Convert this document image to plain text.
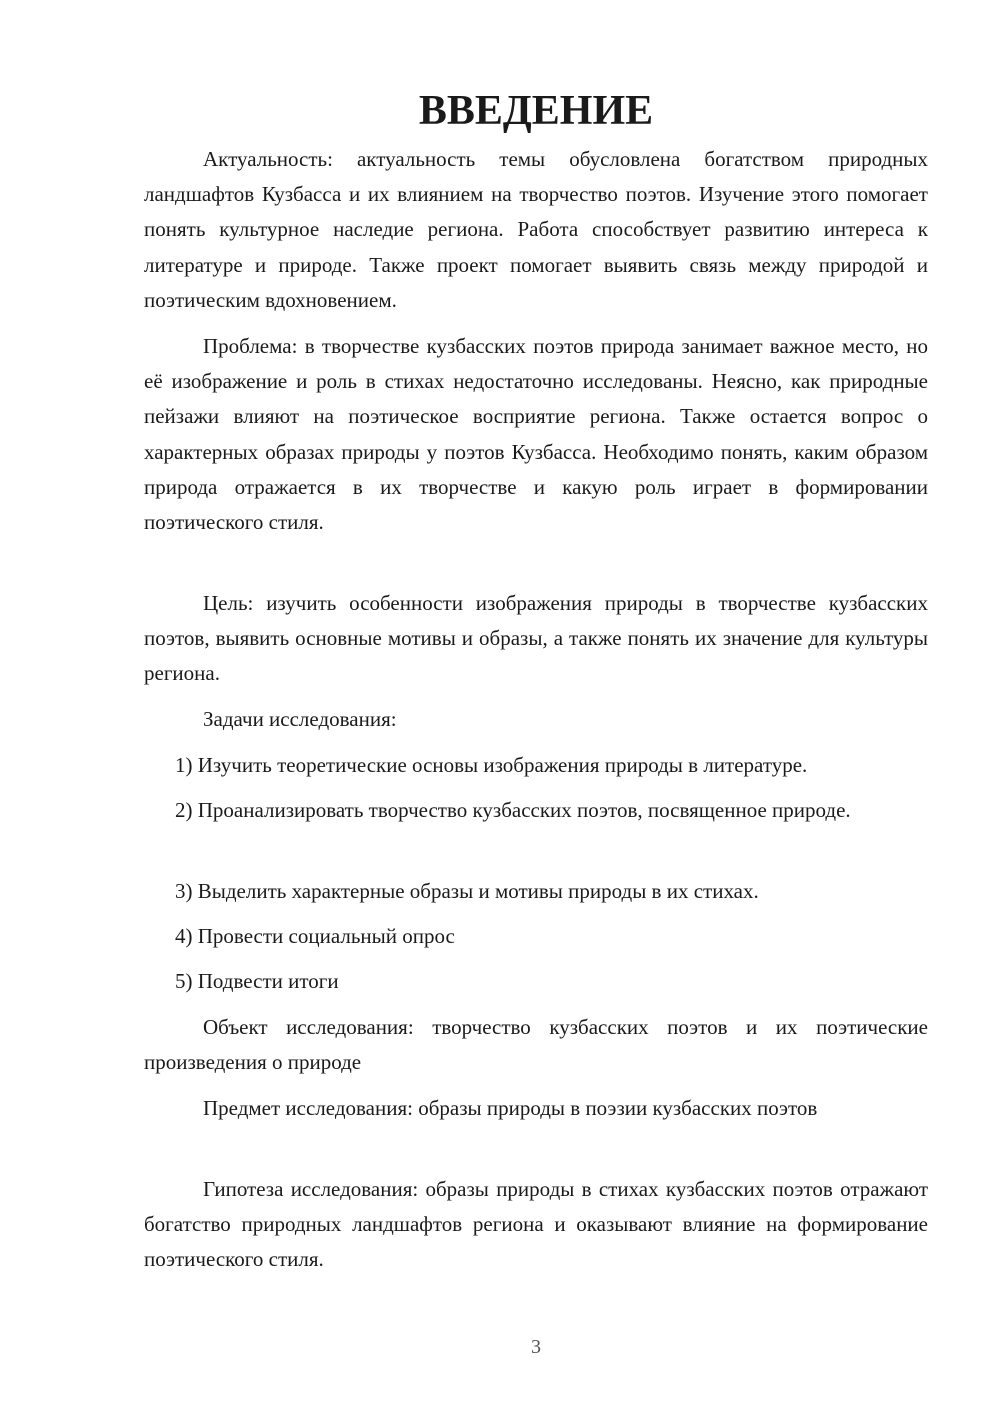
ВВЕДЕНИЕ

Актуальность: актуальность темы обусловлена богатством природных ландшафтов Кузбасса и их влиянием на творчество поэтов. Изучение этого помогает понять культурное наследие региона. Работа способствует развитию интереса к литературе и природе. Также проект помогает выявить связь между природой и поэтическим вдохновением.

Проблема: в творчестве кузбасских поэтов природа занимает важное место, но её изображение и роль в стихах недостаточно исследованы. Неясно, как природные пейзажи влияют на поэтическое восприятие региона. Также остается вопрос о характерных образах природы у поэтов Кузбасса. Необходимо понять, каким образом природа отражается в их творчестве и какую роль играет в формировании поэтического стиля.

Цель: изучить особенности изображения природы в творчестве кузбасских поэтов, выявить основные мотивы и образы, а также понять их значение для культуры региона.

Задачи исследования:

1) Изучить теоретические основы изображения природы в литературе.

2) Проанализировать творчество кузбасских поэтов, посвященное природе.

3) Выделить характерные образы и мотивы природы в их стихах.

4) Провести социальный опрос

5) Подвести итоги

Объект исследования: творчество кузбасских поэтов и их поэтические произведения о природе

Предмет исследования: образы природы в поэзии кузбасских поэтов

Гипотеза исследования: образы природы в стихах кузбасских поэтов отражают богатство природных ландшафтов региона и оказывают влияние на формирование поэтического стиля.

3
